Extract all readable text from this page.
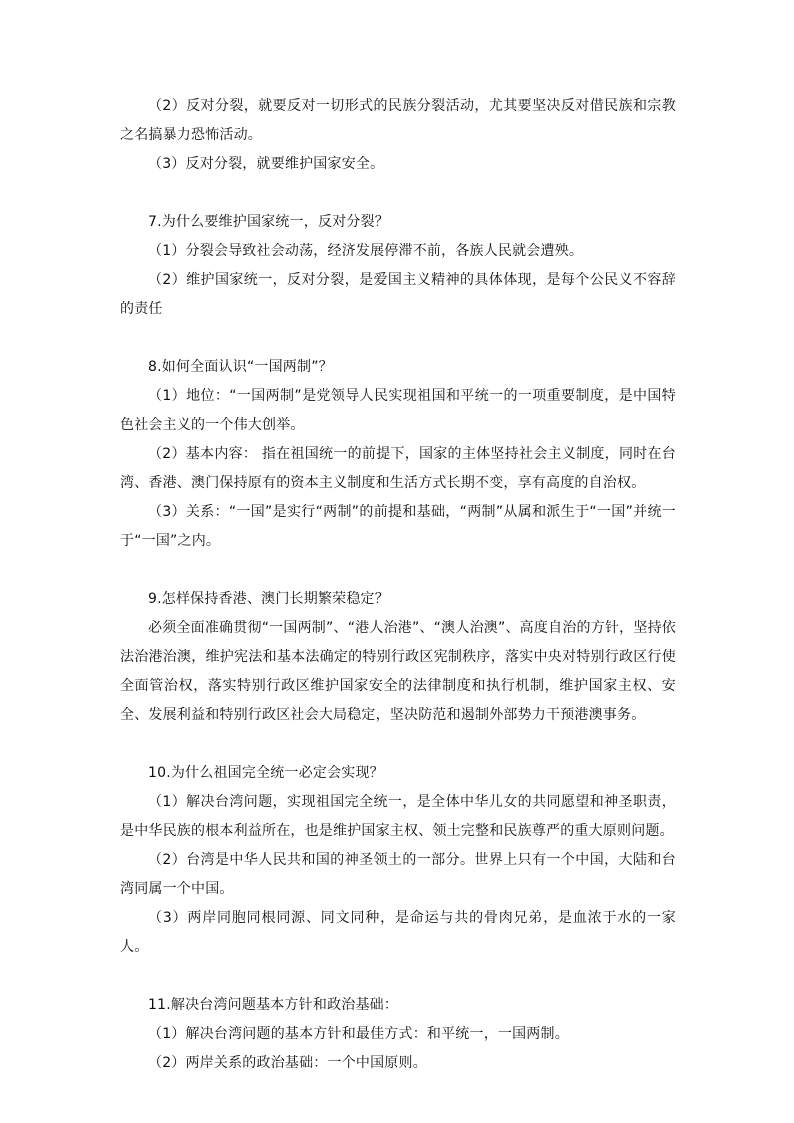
（2）反对分裂，就要反对一切形式的民族分裂活动，尤其要坚决反对借民族和宗教之名搞暴力恐怖活动。

（3）反对分裂，就要维护国家安全。

7.为什么要维护国家统一，反对分裂？

（1）分裂会导致社会动荡，经济发展停滞不前，各族人民就会遭殃。

（2）维护国家统一，反对分裂，是爱国主义精神的具体体现，是每个公民义不容辞的责任

8.如何全面认识“一国两制”？

（1）地位：“一国两制”是党领导人民实现祖国和平统一的一项重要制度，是中国特色社会主义的一个伟大创举。

（2）基本内容： 指在祖国统一的前提下，国家的主体坚持社会主义制度，同时在台湾、香港、澳门保持原有的资本主义制度和生活方式长期不变，享有高度的自治权。

（3）关系：“一国”是实行“两制”的前提和基础，“两制”从属和派生于“一国”并统一于“一国”之内。

9.怎样保持香港、澳门长期繁荣稳定？

必须全面准确贯彻“一国两制”、“港人治港”、“澳人治澳”、高度自治的方针，坚持依法治港治澳，维护宪法和基本法确定的特别行政区宪制秩序，落实中央对特别行政区行使全面管治权，落实特别行政区维护国家安全的法律制度和执行机制，维护国家主权、安全、发展利益和特别行政区社会大局稳定，坚决防范和遏制外部势力干预港澳事务。

10.为什么祖国完全统一必定会实现？

（1）解决台湾问题，实现祖国完全统一，是全体中华儿女的共同愿望和神圣职责，是中华民族的根本利益所在，也是维护国家主权、领土完整和民族尊严的重大原则问题。

（2）台湾是中华人民共和国的神圣领土的一部分。世界上只有一个中国，大陆和台湾同属一个中国。

（3）两岸同胞同根同源、同文同种，是命运与共的骨肉兄弟，是血浓于水的一家人。

11.解决台湾问题基本方针和政治基础：

（1）解决台湾问题的基本方针和最佳方式：和平统一，一国两制。

（2）两岸关系的政治基础：一个中国原则。
